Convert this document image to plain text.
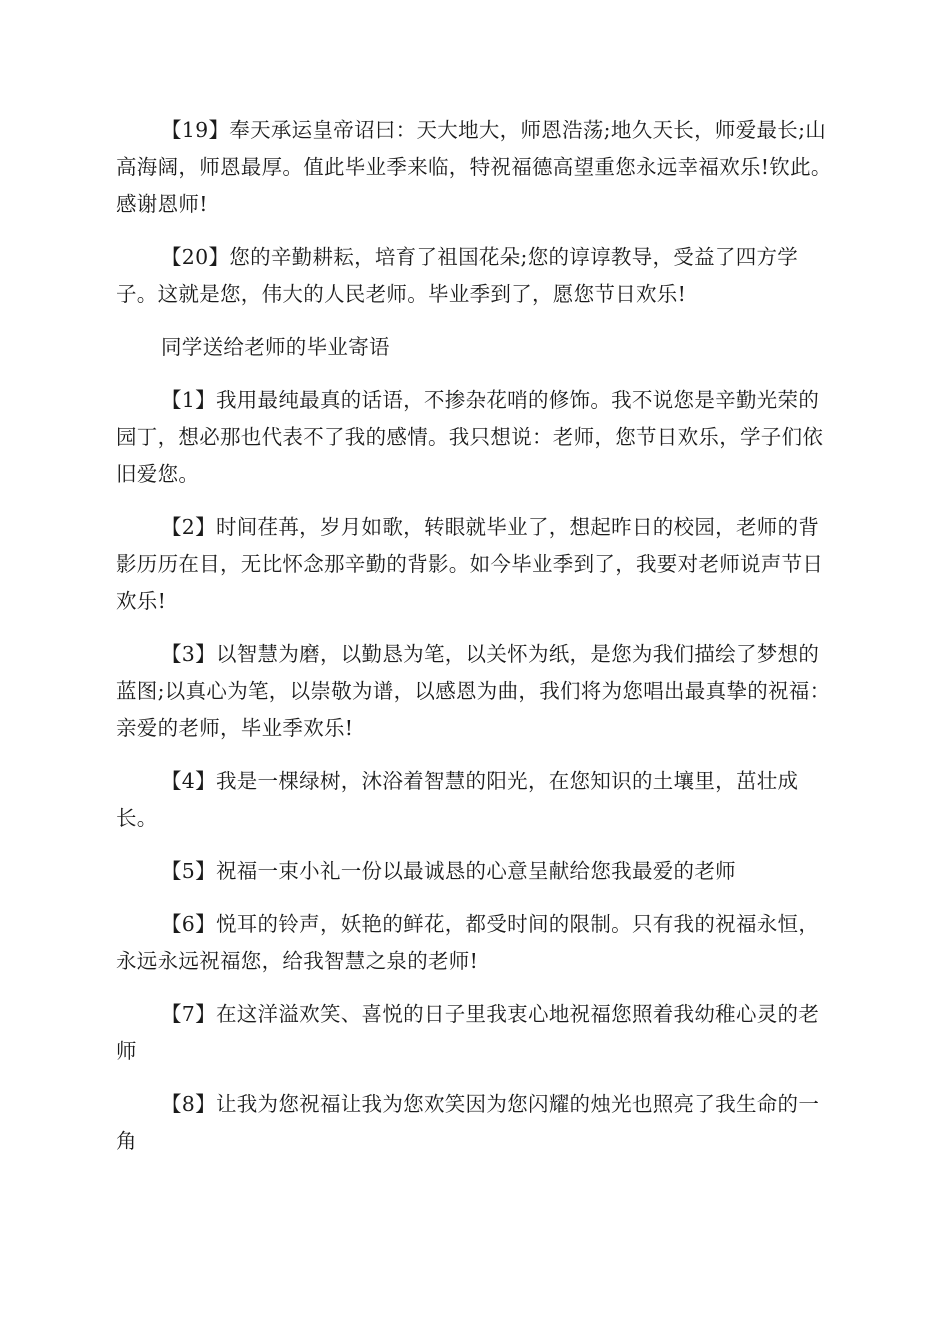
【19】奉天承运皇帝诏曰：天大地大，师恩浩荡;地久天长，师爱最长;山高海阔，师恩最厚。值此毕业季来临，特祝福德高望重您永远幸福欢乐!钦此。感谢恩师!

【20】您的辛勤耕耘，培育了祖国花朵;您的谆谆教导，受益了四方学子。这就是您，伟大的人民老师。毕业季到了，愿您节日欢乐!

同学送给老师的毕业寄语

【1】我用最纯最真的话语，不掺杂花哨的修饰。我不说您是辛勤光荣的园丁，想必那也代表不了我的感情。我只想说：老师，您节日欢乐，学子们依旧爱您。

【2】时间荏苒，岁月如歌，转眼就毕业了，想起昨日的校园，老师的背影历历在目，无比怀念那辛勤的背影。如今毕业季到了，我要对老师说声节日欢乐!

【3】以智慧为磨，以勤恳为笔，以关怀为纸，是您为我们描绘了梦想的蓝图;以真心为笔，以崇敬为谱，以感恩为曲，我们将为您唱出最真挚的祝福：亲爱的老师，毕业季欢乐!

【4】我是一棵绿树，沐浴着智慧的阳光，在您知识的土壤里，茁壮成长。

【5】祝福一束小礼一份以最诚恳的心意呈献给您我最爱的老师

【6】悦耳的铃声，妖艳的鲜花，都受时间的限制。只有我的祝福永恒，永远永远祝福您，给我智慧之泉的老师!

【7】在这洋溢欢笑、喜悦的日子里我衷心地祝福您照着我幼稚心灵的老师

【8】让我为您祝福让我为您欢笑因为您闪耀的烛光也照亮了我生命的一角
